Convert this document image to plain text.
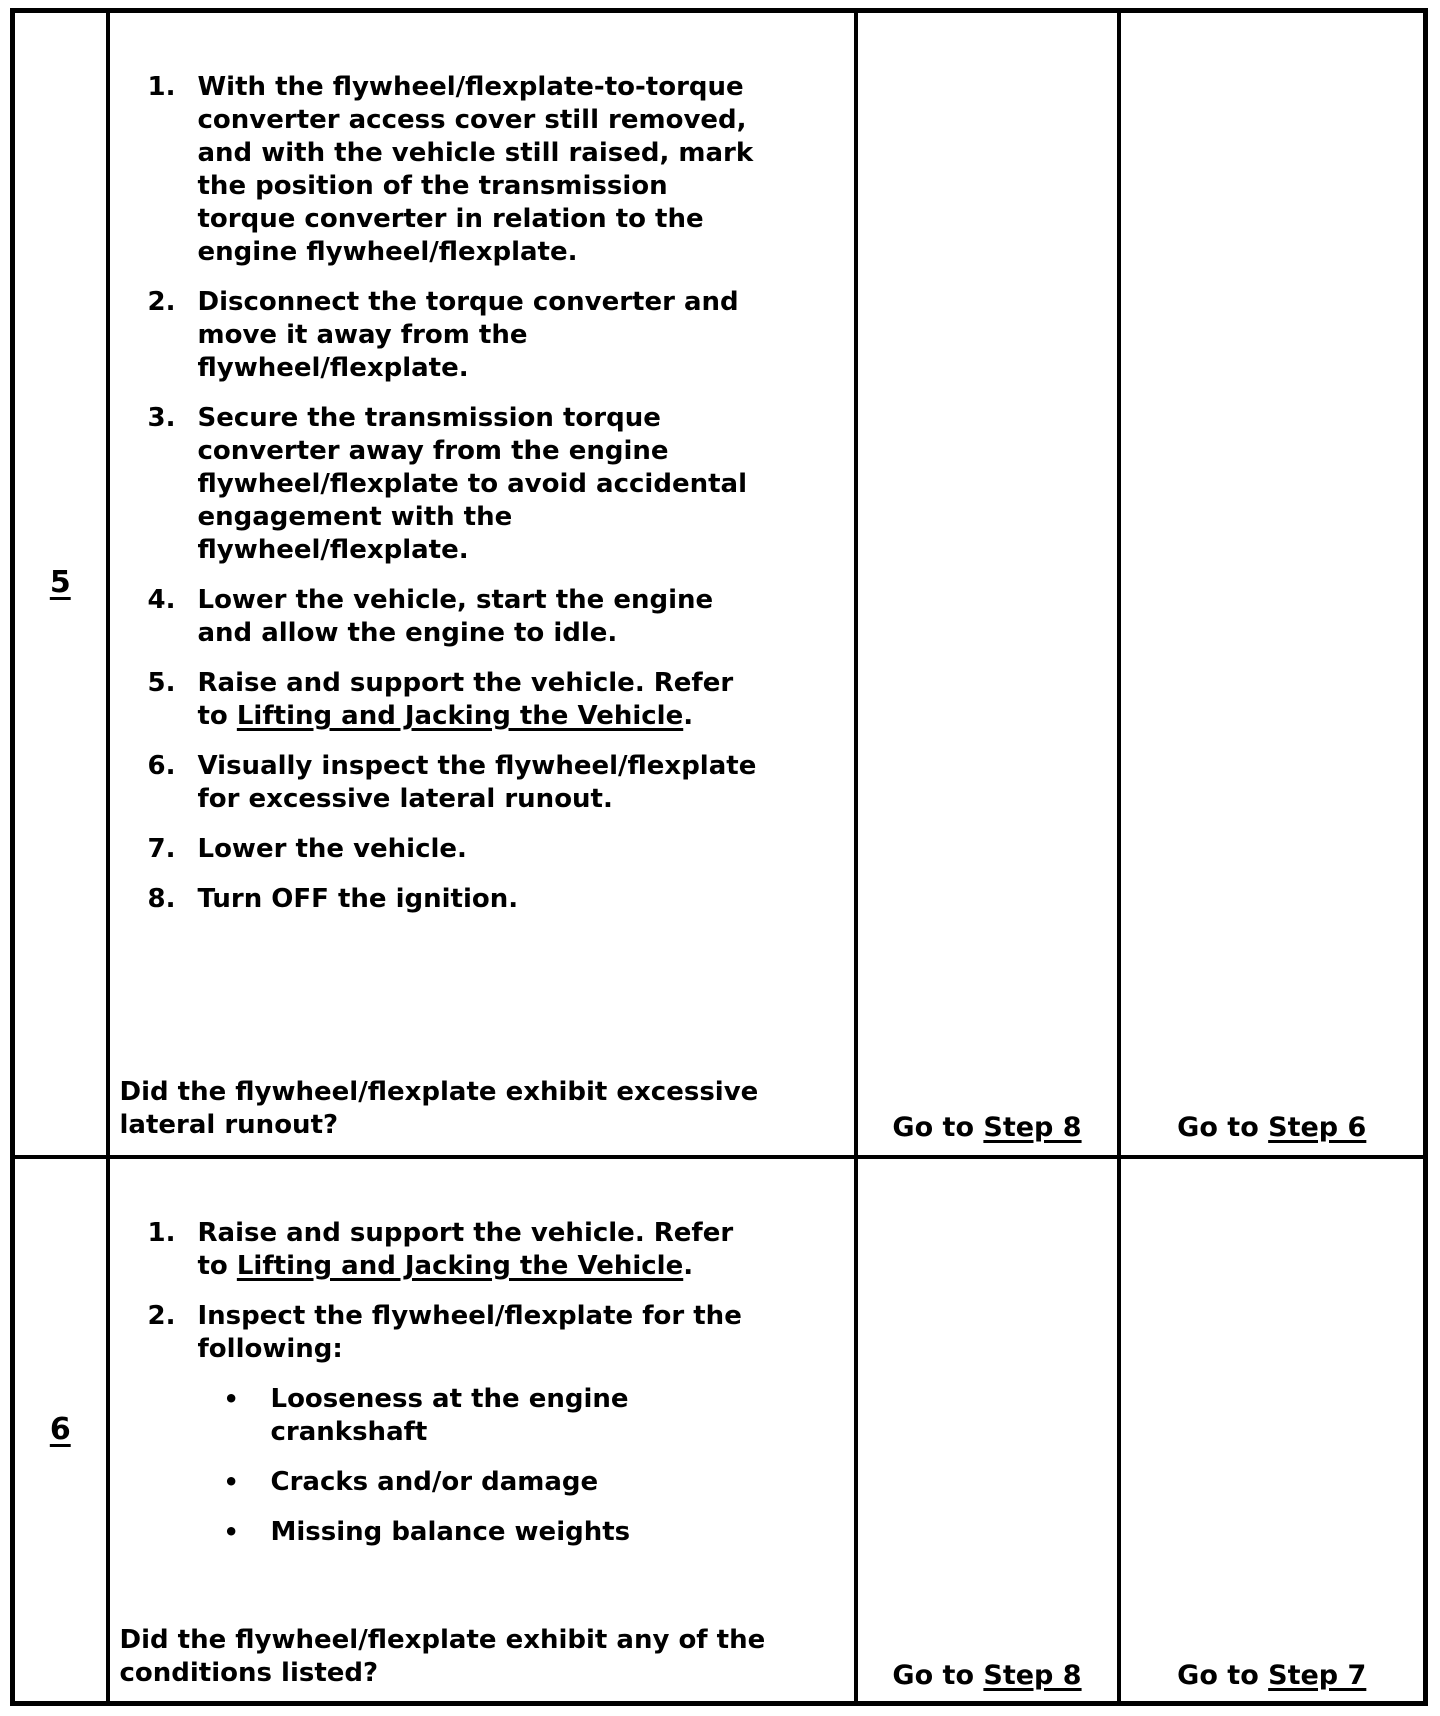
5

1. With the flywheel/flexplate-to-torque converter access cover still removed, and with the vehicle still raised, mark the position of the transmission torque converter in relation to the engine flywheel/flexplate.
2. Disconnect the torque converter and move it away from the flywheel/flexplate.
3. Secure the transmission torque converter away from the engine flywheel/flexplate to avoid accidental engagement with the flywheel/flexplate.
4. Lower the vehicle, start the engine and allow the engine to idle.
5. Raise and support the vehicle. Refer to Lifting and Jacking the Vehicle.
6. Visually inspect the flywheel/flexplate for excessive lateral runout.
7. Lower the vehicle.
8. Turn OFF the ignition.
Did the flywheel/flexplate exhibit excessive lateral runout?	Go to Step 8	Go to Step 6

6

1. Raise and support the vehicle. Refer to Lifting and Jacking the Vehicle.
2. Inspect the flywheel/flexplate for the following:
•	Looseness at the engine crankshaft
•	Cracks and/or damage
•	Missing balance weights
Did the flywheel/flexplate exhibit any of the conditions listed?	Go to Step 8	Go to Step 7
